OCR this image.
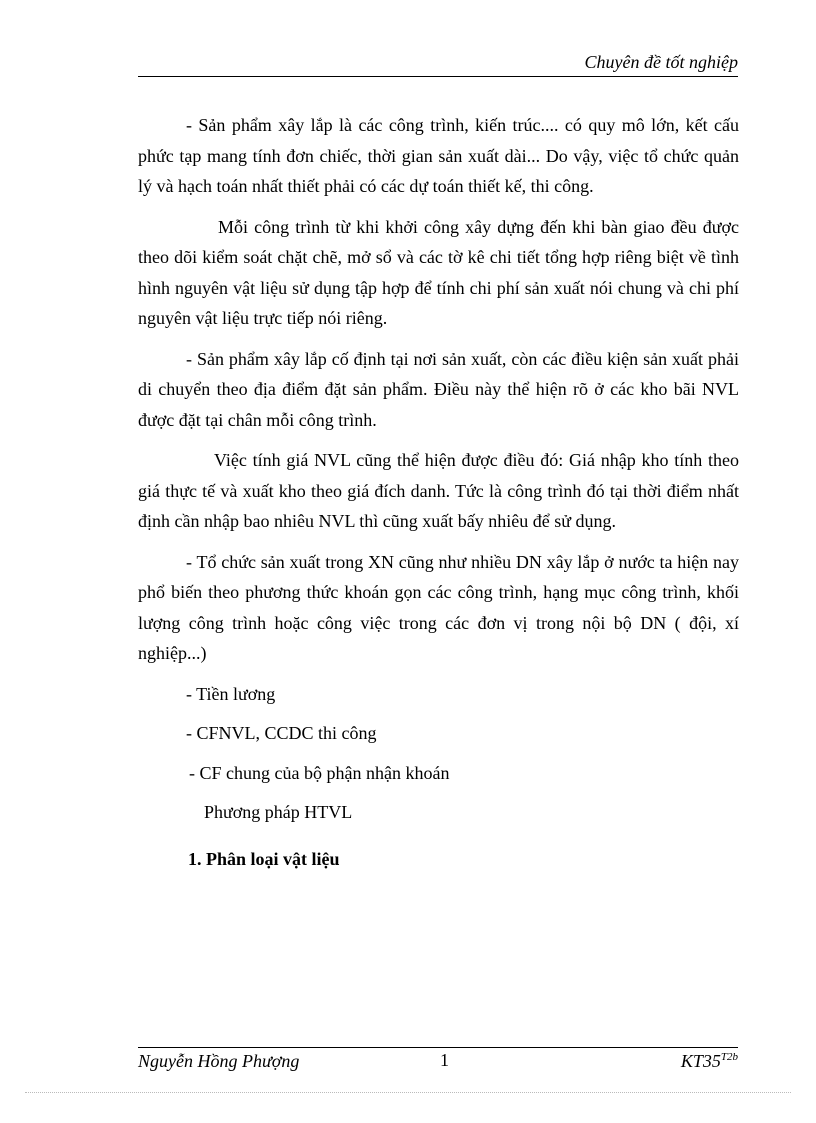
Chuyên đề tốt nghiệp

- Sản phẩm xây lắp là các công trình, kiến trúc.... có quy mô lớn, kết cấu phức tạp mang tính đơn chiếc, thời gian sản xuất dài... Do vậy, việc tổ chức quản lý và hạch toán nhất thiết phải có các dự toán thiết kế, thi công.

Mỗi công trình từ khi khởi công xây dựng đến khi bàn giao đều được theo dõi kiểm soát chặt chẽ, mở sổ và các tờ kê chi tiết tổng hợp riêng biệt về tình hình nguyên vật liệu sử dụng tập hợp để tính chi phí sản xuất nói chung và chi phí nguyên vật liệu trực tiếp nói riêng.

- Sản phẩm xây lắp cố định tại nơi sản xuất, còn các điều kiện sản xuất phải di chuyển theo địa điểm đặt sản phẩm. Điều này thể hiện rõ ở các kho bãi NVL được đặt tại chân mỗi công trình.

Việc tính giá NVL cũng thể hiện được điều đó: Giá nhập kho tính theo giá thực tế và xuất kho theo giá đích danh. Tức là công trình đó tại thời điểm nhất định cần nhập bao nhiêu NVL thì cũng xuất bấy nhiêu để sử dụng.

- Tổ chức sản xuất trong XN cũng như nhiều DN xây lắp ở nước ta hiện nay phổ biến theo phương thức khoán gọn các công trình, hạng mục công trình, khối lượng công trình hoặc công việc trong các đơn vị trong nội bộ DN ( đội, xí nghiệp...)

- Tiền lương
- CFNVL, CCDC thi công
- CF chung của bộ phận nhận khoán
Phương pháp HTVL
1. Phân loại vật liệu
Nguyễn Hồng Phượng	1	$KT35^{T2b}$
